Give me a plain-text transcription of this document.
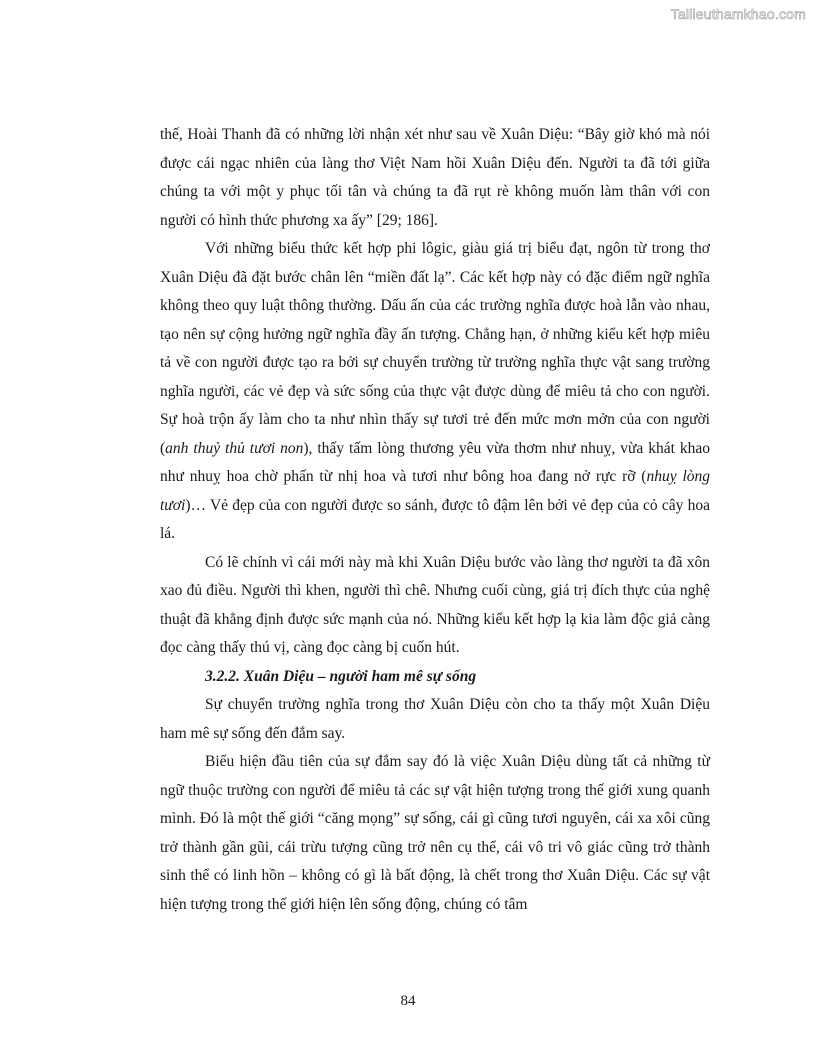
Tailieuthamkhao.com

thế, Hoài Thanh đã có những lời nhận xét như sau về Xuân Diệu: “Bây giờ khó mà nói được cái ngạc nhiên của làng thơ Việt Nam hồi Xuân Diệu đến. Người ta đã tới giữa chúng ta với một y phục tối tân và chúng ta đã rụt rè không muốn làm thân với con người có hình thức phương xa ấy” [29; 186].

Với những biểu thức kết hợp phi lôgic, giàu giá trị biểu đạt, ngôn từ trong thơ Xuân Diệu đã đặt bước chân lên “miền đất lạ”. Các kết hợp này có đặc điểm ngữ nghĩa không theo quy luật thông thường. Dấu ấn của các trường nghĩa được hoà lẫn vào nhau, tạo nên sự cộng hưởng ngữ nghĩa đầy ấn tượng. Chẳng hạn, ở những kiểu kết hợp miêu tả về con người được tạo ra bởi sự chuyển trường từ trường nghĩa thực vật sang trường nghĩa người, các vẻ đẹp và sức sống của thực vật được dùng để miêu tả cho con người. Sự hoà trộn ấy làm cho ta như nhìn thấy sự tươi trẻ đến mức mơn mởn của con người (anh thuỷ thủ tươi non), thấy tấm lòng thương yêu vừa thơm như nhuỵ, vừa khát khao như nhuỵ hoa chờ phấn từ nhị hoa và tươi như bông hoa đang nở rực rỡ (nhuỵ lòng tươi)… Vẻ đẹp của con người được so sánh, được tô đậm lên bởi vẻ đẹp của cỏ cây hoa lá.

Có lẽ chính vì cái mới này mà khi Xuân Diệu bước vào làng thơ người ta đã xôn xao đủ điều. Người thì khen, người thì chê. Nhưng cuối cùng, giá trị đích thực của nghệ thuật đã khẳng định được sức mạnh của nó. Những kiểu kết hợp lạ kia làm độc giả càng đọc càng thấy thú vị, càng đọc càng bị cuốn hút.

3.2.2. Xuân Diệu – người ham mê sự sống

Sự chuyển trường nghĩa trong thơ Xuân Diệu còn cho ta thấy một Xuân Diệu ham mê sự sống đến đắm say.

Biểu hiện đầu tiên của sự đắm say đó là việc Xuân Diệu dùng tất cả những từ ngữ thuộc trường con người để miêu tả các sự vật hiện tượng trong thế giới xung quanh mình. Đó là một thế giới “căng mọng” sự sống, cái gì cũng tươi nguyên, cái xa xôi cũng trở thành gần gũi, cái trừu tượng cũng trở nên cụ thể, cái vô tri vô giác cũng trở thành sinh thể có linh hồn – không có gì là bất động, là chết trong thơ Xuân Diệu. Các sự vật hiện tượng trong thế giới hiện lên sống động, chúng có tâm

84
